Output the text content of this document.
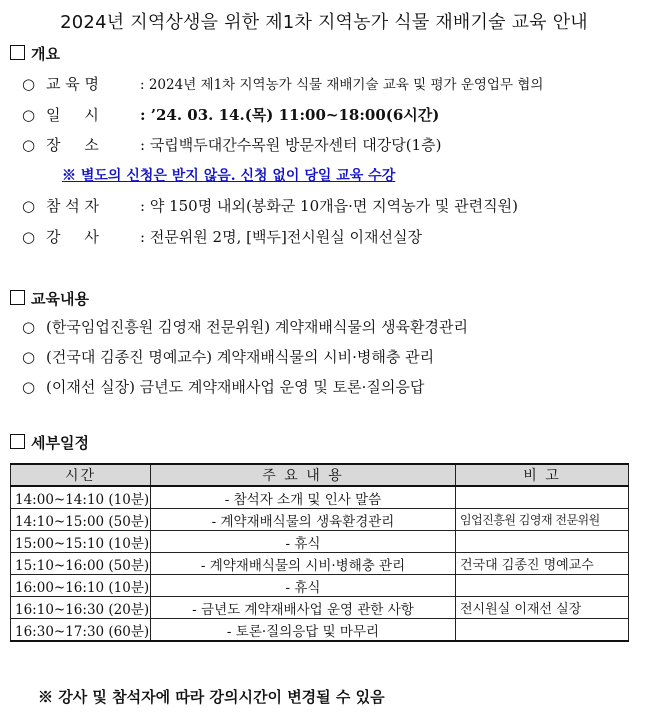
2024년 지역상생을 위한 제1차 지역농가 식물 재배기술 교육 안내
개요
○ 교 육 명	: 2024년 제1차 지역농가 식물 재배기술 교육 및 평가 운영업무 협의
○ 일     시	: ’24. 03. 14.(목) 11:00~18:00(6시간)
○ 장     소	: 국립백두대간수목원 방문자센터 대강당(1층)
※ 별도의 신청은 받지 않음. 신청 없이 당일 교육 수강
○ 참 석 자	: 약 150명 내외(봉화군 10개읍·면 지역농가 및 관련직원)
○ 강     사	: 전문위원 2명, [백두]전시원실 이재선실장
교육내용
○ (한국임업진흥원 김영재 전문위원) 계약재배식물의 생육환경관리
○ (건국대 김종진 명예교수) 계약재배식물의 시비·병해충 관리
○ (이재선 실장) 금년도 계약재배사업 운영 및 토론·질의응답
세부일정
시간	주 요 내 용	비 고
14:00~14:10 (10분)	- 참석자 소개 및 인사 말씀	
14:10~15:00 (50분)	- 계약재배식물의 생육환경관리	임업진흥원 김영재 전문위원
15:00~15:10 (10분)	- 휴식	
15:10~16:00 (50분)	- 계약재배식물의 시비·병해충 관리	건국대 김종진 명예교수
16:00~16:10 (10분)	- 휴식	
16:10~16:30 (20분)	- 금년도 계약재배사업 운영 관한 사항	전시원실 이재선 실장
16:30~17:30 (60분)	- 토론·질의응답 및 마무리	
※ 강사 및 참석자에 따라 강의시간이 변경될 수 있음
